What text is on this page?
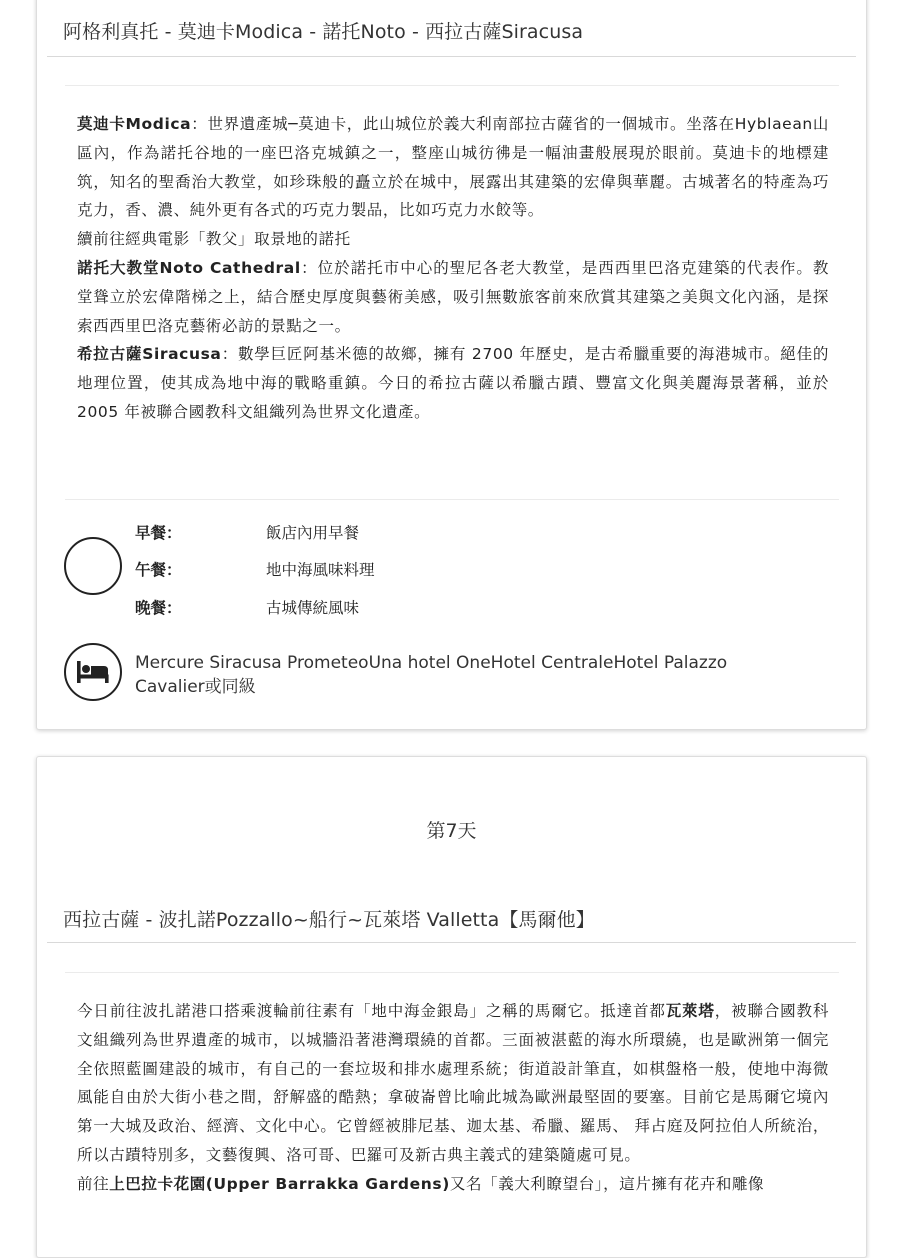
阿格利真托 - 莫迪卡Modica - 諾托Noto - 西拉古薩Siracusa

莫迪卡Modica：世界遺產城─莫迪卡，此山城位於義大利南部拉古薩省的一個城市。坐落在Hyblaean山區內，作為諾托谷地的一座巴洛克城鎮之一，整座山城彷彿是一幅油畫般展現於眼前。莫迪卡的地標建筑，知名的聖喬治大教堂，如珍珠般的矗立於在城中，展露出其建築的宏偉與華麗。古城著名的特產為巧克力，香、濃、純外更有各式的巧克力製品，比如巧克力水餃等。

續前往經典電影「教父」取景地的諾托

諾托大教堂Noto Cathedral：位於諾托市中心的聖尼各老大教堂，是西西里巴洛克建築的代表作。教堂聳立於宏偉階梯之上，結合歷史厚度與藝術美感，吸引無數旅客前來欣賞其建築之美與文化內涵，是探索西西里巴洛克藝術必訪的景點之一。

希拉古薩Siracusa：數學巨匠阿基米德的故鄉，擁有 2700 年歷史，是古希臘重要的海港城市。絕佳的地理位置，使其成為地中海的戰略重鎮。今日的希拉古薩以希臘古蹟、豐富文化與美麗海景著稱，並於 2005 年被聯合國教科文組織列為世界文化遺產。

早餐：	飯店內用早餐
午餐：	地中海風味料理
晚餐：	古城傳統風味
Mercure Siracusa PrometeoUna hotel OneHotel CentraleHotel Palazzo Cavalier或同級
第7天
西拉古薩 - 波扎諾Pozzallo~船行~瓦萊塔 Valletta【馬爾他】

今日前往波扎諾港口搭乘渡輪前往素有「地中海金銀島」之稱的馬爾它。抵達首都瓦萊塔，被聯合國教科文組織列為世界遺產的城市，以城牆沿著港灣環繞的首都。三面被湛藍的海水所環繞，也是歐洲第一個完全依照藍圖建設的城市，有自己的一套垃圾和排水處理系統；街道設計筆直，如棋盤格一般，使地中海微風能自由於大街小巷之間，舒解盛的酷熱；拿破崙曾比喻此城為歐洲最堅固的要塞。目前它是馬爾它境內第一大城及政治、經濟、文化中心。它曾經被腓尼基、迦太基、希臘、羅馬、 拜占庭及阿拉伯人所統治，所以古蹟特別多，文藝復興、洛可哥、巴羅可及新古典主義式的建築隨處可見。

前往上巴拉卡花園(Upper Barrakka Gardens)又名「義大利瞭望台」，這片擁有花卉和雕像
